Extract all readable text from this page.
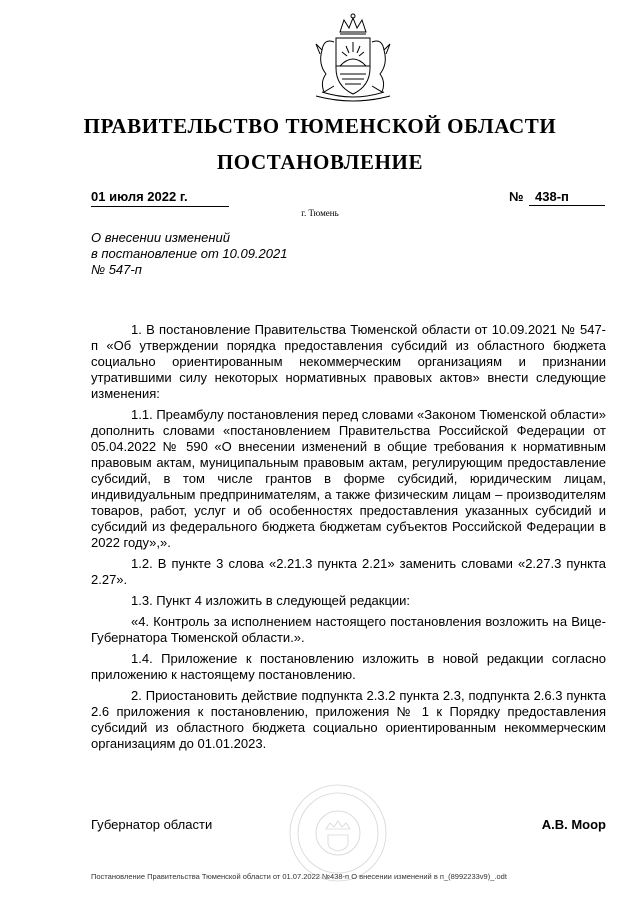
ПРАВИТЕЛЬСТВО ТЮМЕНСКОЙ ОБЛАСТИ
ПОСТАНОВЛЕНИЕ
01 июля 2022 г.	№ 438-п
г. Тюмень
О внесении изменений
в постановление от 10.09.2021
№ 547-п

1. В постановление Правительства Тюменской области от 10.09.2021 № 547-п «Об утверждении порядка предоставления субсидий из областного бюджета социально ориентированным некоммерческим организациям и признании утратившими силу некоторых нормативных правовых актов» внести следующие изменения:

1.1. Преамбулу постановления перед словами «Законом Тюменской области» дополнить словами «постановлением Правительства Российской Федерации от 05.04.2022 № 590 «О внесении изменений в общие требования к нормативным правовым актам, муниципальным правовым актам, регулирующим предоставление субсидий, в том числе грантов в форме субсидий, юридическим лицам, индивидуальным предпринимателям, а также физическим лицам – производителям товаров, работ, услуг и об особенностях предоставления указанных субсидий и субсидий из федерального бюджета бюджетам субъектов Российской Федерации в 2022 году»,».

1.2. В пункте 3 слова «2.21.3 пункта 2.21» заменить словами «2.27.3 пункта 2.27».

1.3. Пункт 4 изложить в следующей редакции:

«4. Контроль за исполнением настоящего постановления возложить на Вице-Губернатора Тюменской области.».

1.4. Приложение к постановлению изложить в новой редакции согласно приложению к настоящему постановлению.

2. Приостановить действие подпункта 2.3.2 пункта 2.3, подпункта 2.6.3 пункта 2.6 приложения к постановлению, приложения № 1 к Порядку предоставления субсидий из областного бюджета социально ориентированным некоммерческим организациям до 01.01.2023.

Губернатор области	А.В. Моор
Постановление Правительства Тюменской области от 01.07.2022 №438-п О внесении изменений в п_(8992233v9)_.odt
